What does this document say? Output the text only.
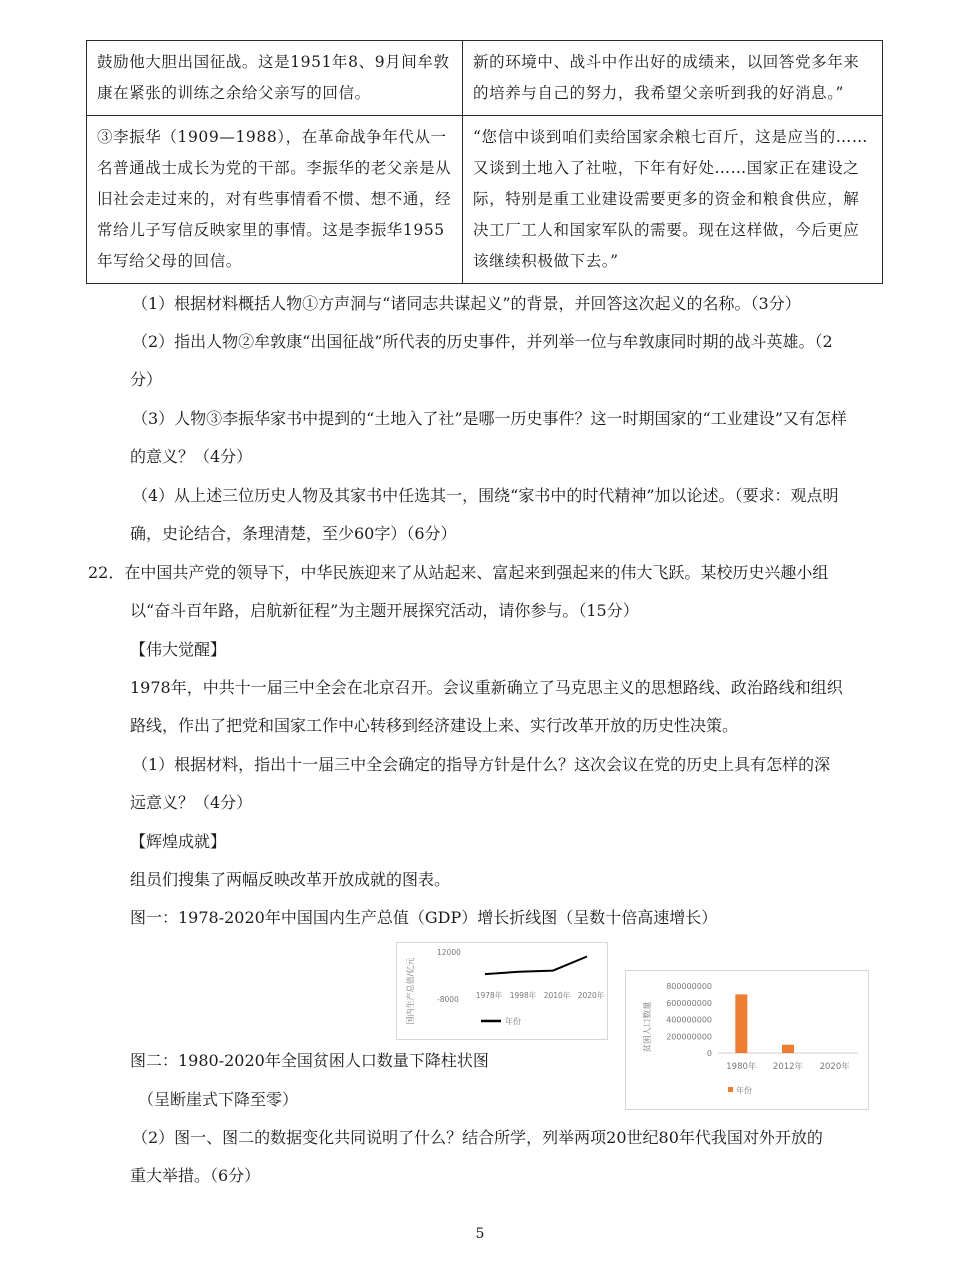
鼓励他大胆出国征战。这是1951年8、9月间牟敦康在紧张的训练之余给父亲写的回信。	新的环境中、战斗中作出好的成绩来，以回答党多年来的培养与自己的努力，我希望父亲听到我的好消息。”
③李振华（1909—1988），在革命战争年代从一名普通战士成长为党的干部。李振华的老父亲是从旧社会走过来的，对有些事情看不惯、想不通，经常给儿子写信反映家里的事情。这是李振华1955年写给父母的回信。	“您信中谈到咱们卖给国家余粮七百斤，这是应当的……又谈到土地入了社啦，下年有好处……国家正在建设之际，特别是重工业建设需要更多的资金和粮食供应，解决工厂工人和国家军队的需要。现在这样做，今后更应该继续积极做下去。”
（1）根据材料概括人物①方声洞与“诸同志共谋起义”的背景，并回答这次起义的名称。（3分）
（2）指出人物②牟敦康“出国征战”所代表的历史事件，并列举一位与牟敦康同时期的战斗英雄。（2
分）
（3）人物③李振华家书中提到的“土地入了社”是哪一历史事件？这一时期国家的“工业建设”又有怎样
的意义？（4分）
（4）从上述三位历史人物及其家书中任选其一，围绕“家书中的时代精神”加以论述。（要求：观点明
确，史论结合，条理清楚，至少60字）（6分）
22．在中国共产党的领导下，中华民族迎来了从站起来、富起来到强起来的伟大飞跃。某校历史兴趣小组
以“奋斗百年路，启航新征程”为主题开展探究活动，请你参与。（15分）
【伟大觉醒】
1978年，中共十一届三中全会在北京召开。会议重新确立了马克思主义的思想路线、政治路线和组织
路线，作出了把党和国家工作中心转移到经济建设上来、实行改革开放的历史性决策。
（1）根据材料，指出十一届三中全会确定的指导方针是什么？这次会议在党的历史上具有怎样的深
远意义？（4分）
【辉煌成就】
组员们搜集了两幅反映改革开放成就的图表。
图一：1978-2020年中国国内生产总值（GDP）增长折线图（呈数十倍高速增长）
国内生产总值/亿元
12000
-8000 1978年 1998年 2010年 2020年
年份
图二：1980-2020年全国贫困人口数量下降柱状图
（呈断崖式下降至零）
贫困人口数量
800000000
600000000
400000000
200000000
0
1980年 2012年 2020年
年份
（2）图一、图二的数据变化共同说明了什么？结合所学，列举两项20世纪80年代我国对外开放的
重大举措。（6分）
5
